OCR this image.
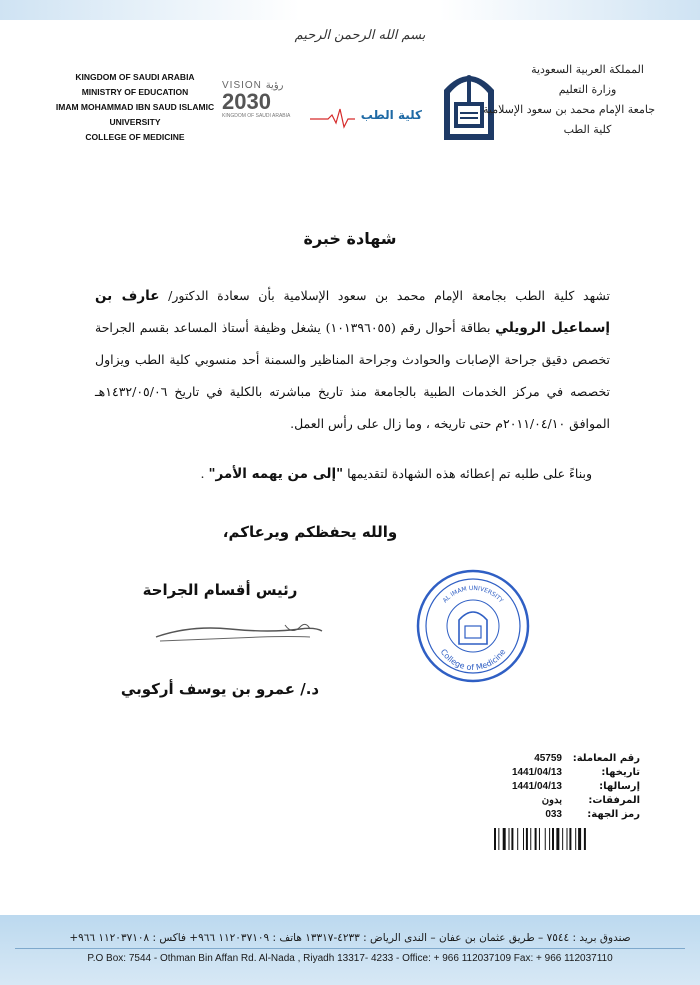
بسم الله الرحمن الرحيم
KINGDOM OF SAUDI ARABIA
MINISTRY OF EDUCATION
IMAM MOHAMMAD IBN SAUD ISLAMIC
UNIVERSITY
COLLEGE OF MEDICINE
VISION رؤية
2030
KINGDOM OF SAUDI ARABIA	كلية الطب
المملكة العربية السعودية
وزارة التعليم
جامعة الإمام محمد بن سعود الإسلامية
كلية الطب
شهادة خبرة
تشهد كلية الطب بجامعة الإمام محمد بن سعود الإسلامية بأن سعادة الدكتور/ عارف بن إسماعيل الرويلي بطاقة أحوال رقم (١٠١٣٩٦٠٥٥) يشغل وظيفة أستاذ المساعد بقسم الجراحة تخصص دقيق جراحة الإصابات والحوادث وجراحة المناظير والسمنة أحد منسوبي كلية الطب ويزاول تخصصه في مركز الخدمات الطبية بالجامعة منذ تاريخ مباشرته بالكلية في تاريخ ١٤٣٢/٠٥/٠٦هـ الموافق ٢٠١١/٠٤/١٠م حتى تاريخه ، وما زال على رأس العمل.
وبناءً على طلبه تم إعطائه هذه الشهادة لتقديمها "إلى من يهمه الأمر" .
والله يحفظكم ويرعاكم،
رئيس أقسام الجراحة
د./ عمرو بن يوسف أركوبي
AL IMAM UNIVERSITY
College of Medicine
رقم المعاملة:
45759
تاريخها:
1441/04/13
إرسالها:
1441/04/13
المرفقات:
بدون
رمز الجهة:
033
صندوق بريد : ٧٥٤٤ – طريق عثمان بن عفان – الندى الرياض : ٤٢٣٣-١٣٣١٧ هاتف : ١١٢٠٣٧١٠٩ ٩٦٦+ فاكس : ١١٢٠٣٧١٠٨ ٩٦٦+
P.O Box: 7544 - Othman Bin Affan Rd. Al-Nada , Riyadh 13317- 4233 - Office: + 966 112037109 Fax: + 966 112037110
